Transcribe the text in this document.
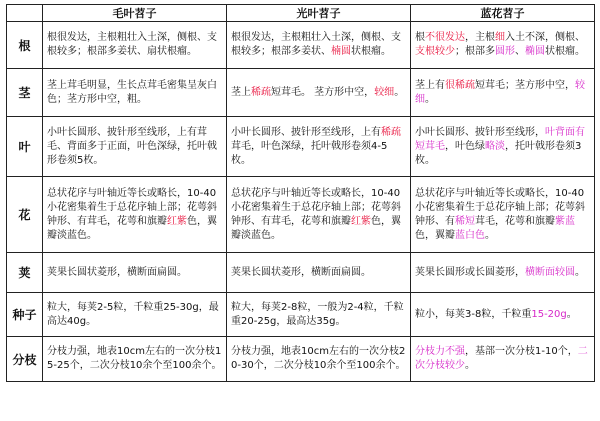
	毛叶苕子	光叶苕子	蓝花苕子
根	根很发达，主根粗壮入土深，侧根、支根较多；根部多姜状、扇状根瘤。	根很发达，主根粗壮入土深，侧根、支根较多；根部多姜状、楠圆状根瘤。	根不很发达，主根细入土不深，侧根、支根较少；根部多圆形、椭圆状根瘤。
茎	茎上茸毛明显，生长点茸毛密集呈灰白色；茎方形中空，粗。	茎上稀疏短茸毛。 茎方形中空，较细。	茎上有很稀疏短茸毛；茎方形中空，较细。
叶	小叶长圆形、披针形至线形，上有茸毛、背面多于正面，叶色深绿，托叶戟形卷须5枚。	小叶长圆形、披针形至线形，上有稀疏茸毛，叶色深绿，托叶戟形卷须4-5枚。	小叶长圆形、披针形至线形，叶背面有短茸毛，叶色绿略淡，托叶戟形卷须3枚。
花	总状花序与叶轴近等长或略长，10-40小花密集着生于总花序轴上部；花萼斜钟形、有茸毛，花萼和旗瓣红紫色，翼瓣淡蓝色。	总状花序与叶轴近等长或略长，10-40小花密集着生于总花序轴上部；花萼斜钟形、有茸毛，花萼和旗瓣红紫色，翼瓣淡蓝色。	总状花序与叶轴近等长或略长，10-40小花密集着生于总花序轴上部；花萼斜钟形、有稀短茸毛，花萼和旗瓣紫蓝色，翼瓣蓝白色。
荚	荚果长圆状菱形，横断面扁圆。	荚果长圆状菱形，横断面扁圆。	荚果长圆形或长圆菱形，横断面较圆。
种子	粒大，每荚2-5粒，千粒重25-30g，最高达40g。	粒大，每荚2-8粒，一般为2-4粒，千粒重20-25g，最高达35g。	粒小，每荚3-8粒，千粒重15-20g。
分枝	分枝力强，地表10cm左右的一次分枝15-25个，二次分枝10余个至100余个。	分枝力强，地表10cm左右的一次分枝20-30个，二次分枝10余个至100余个。	分枝力不强，基部一次分枝1-10个，二次分枝较少。
